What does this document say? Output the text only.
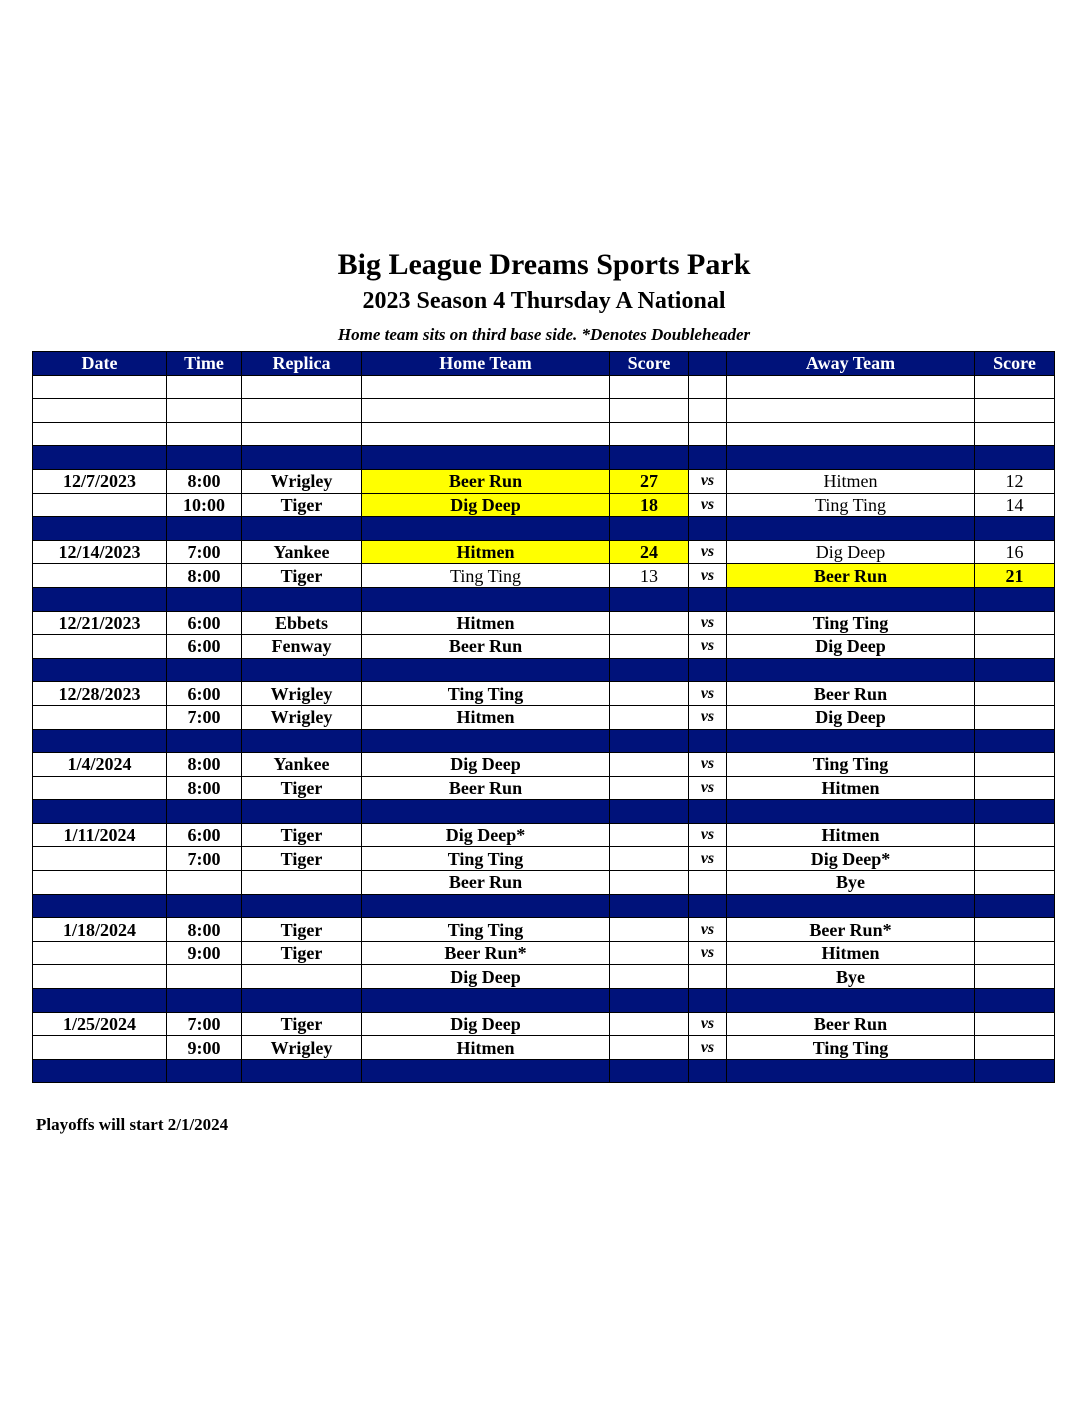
Big League Dreams Sports Park
2023 Season 4 Thursday A National
Home team sits on third base side. *Denotes Doubleheader
Date	Time	Replica	Home Team	Score		Away Team	Score

12/7/2023	8:00	Wrigley	Beer Run	27	vs	Hitmen	12
	10:00	Tiger	Dig Deep	18	vs	Ting Ting	14

12/14/2023	7:00	Yankee	Hitmen	24	vs	Dig Deep	16
	8:00	Tiger	Ting Ting	13	vs	Beer Run	21

12/21/2023	6:00	Ebbets	Hitmen		vs	Ting Ting	
	6:00	Fenway	Beer Run		vs	Dig Deep	

12/28/2023	6:00	Wrigley	Ting Ting		vs	Beer Run	
	7:00	Wrigley	Hitmen		vs	Dig Deep	

1/4/2024	8:00	Yankee	Dig Deep		vs	Ting Ting	
	8:00	Tiger	Beer Run		vs	Hitmen	

1/11/2024	6:00	Tiger	Dig Deep*		vs	Hitmen	
	7:00	Tiger	Ting Ting		vs	Dig Deep*	
			Beer Run			Bye	

1/18/2024	8:00	Tiger	Ting Ting		vs	Beer Run*	
	9:00	Tiger	Beer Run*		vs	Hitmen	
			Dig Deep			Bye	

1/25/2024	7:00	Tiger	Dig Deep		vs	Beer Run	
	9:00	Wrigley	Hitmen		vs	Ting Ting	

Playoffs will start 2/1/2024
